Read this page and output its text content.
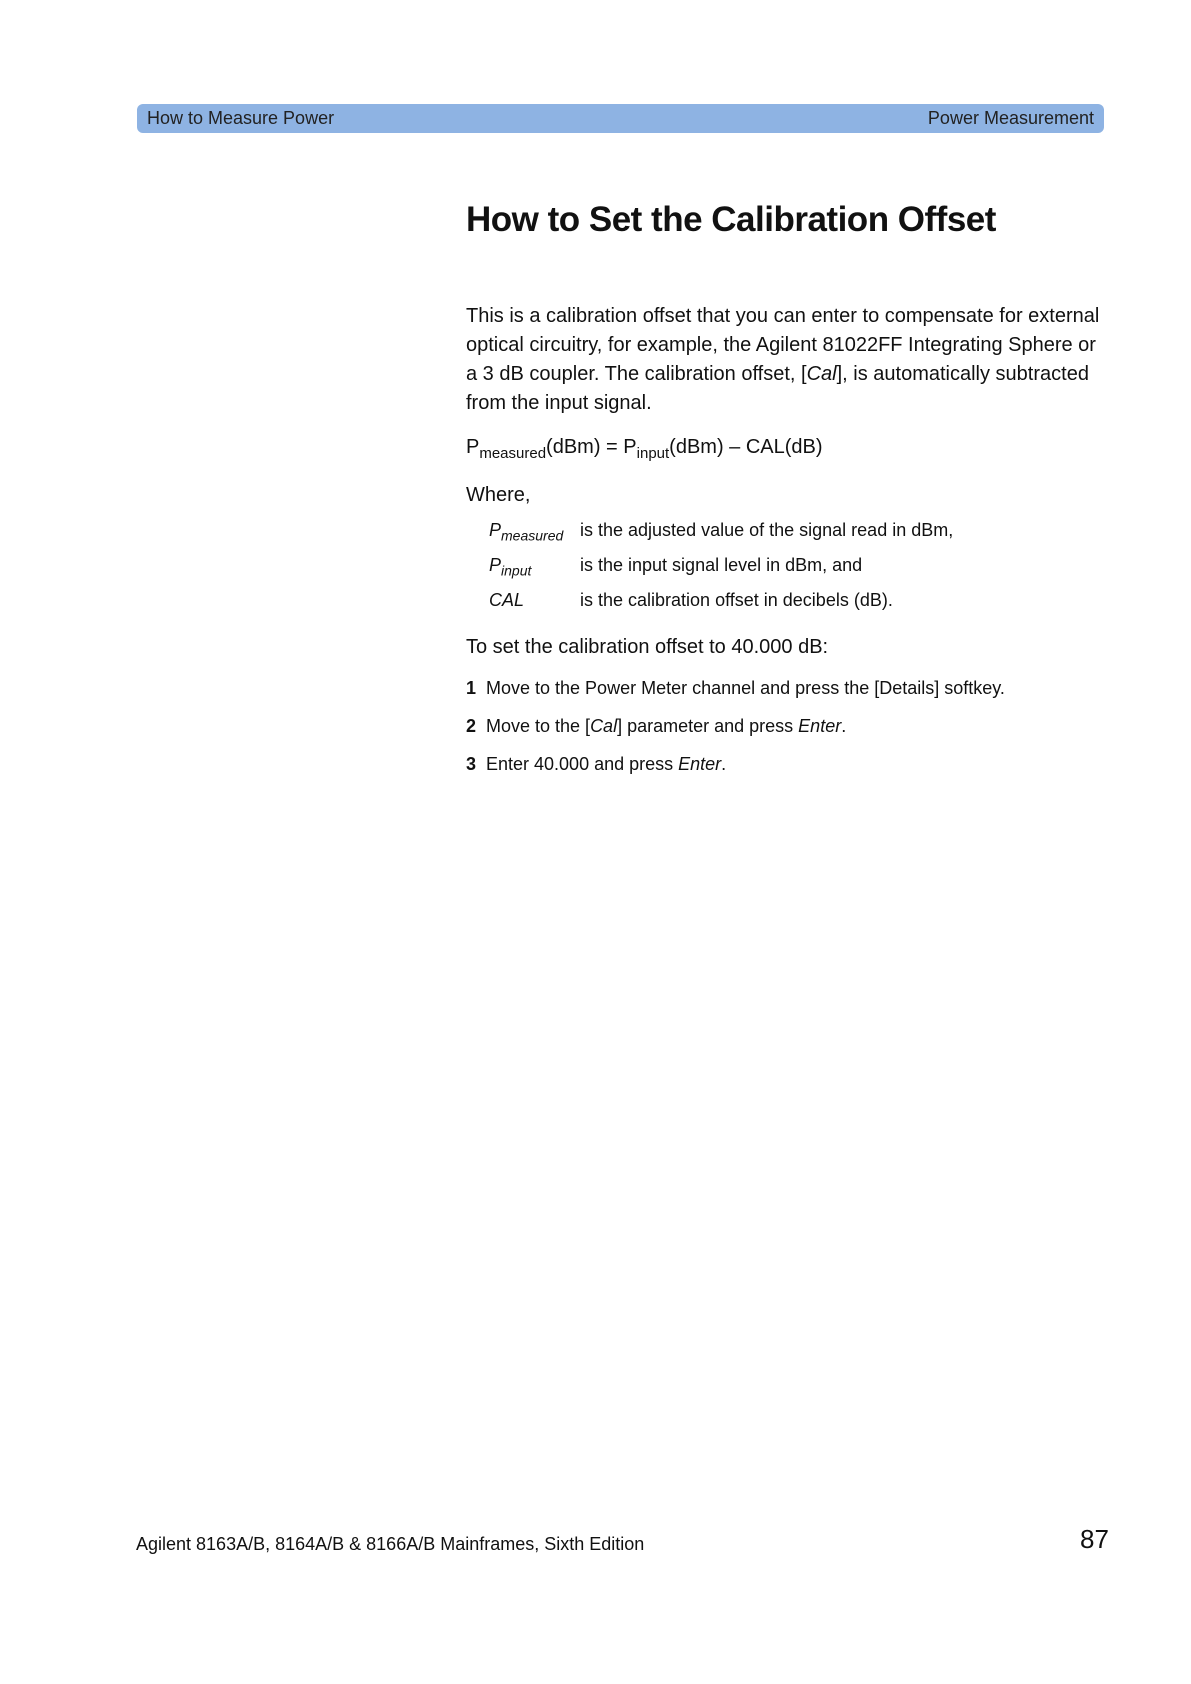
How to Measure Power	Power Measurement
How to Set the Calibration Offset

This is a calibration offset that you can enter to compensate for external optical circuitry, for example, the Agilent 81022FF Integrating Sphere or a 3 dB coupler. The calibration offset, [Cal], is automatically subtracted from the input signal.

$P_{measured}(dBm) = P_{input}(dBm) - CAL(dB)$
Where,
$P_{measured}$ is the adjusted value of the signal read in dBm,
$P_{input}$	is the input signal level in dBm, and
CAL	is the calibration offset in decibels (dB).
To set the calibration offset to 40.000 dB:
1 Move to the Power Meter channel and press the [Details] softkey.
2 Move to the [Cal] parameter and press Enter.
3 Enter 40.000 and press Enter.
Agilent 8163A/B, 8164A/B & 8166A/B Mainframes, Sixth Edition	87
